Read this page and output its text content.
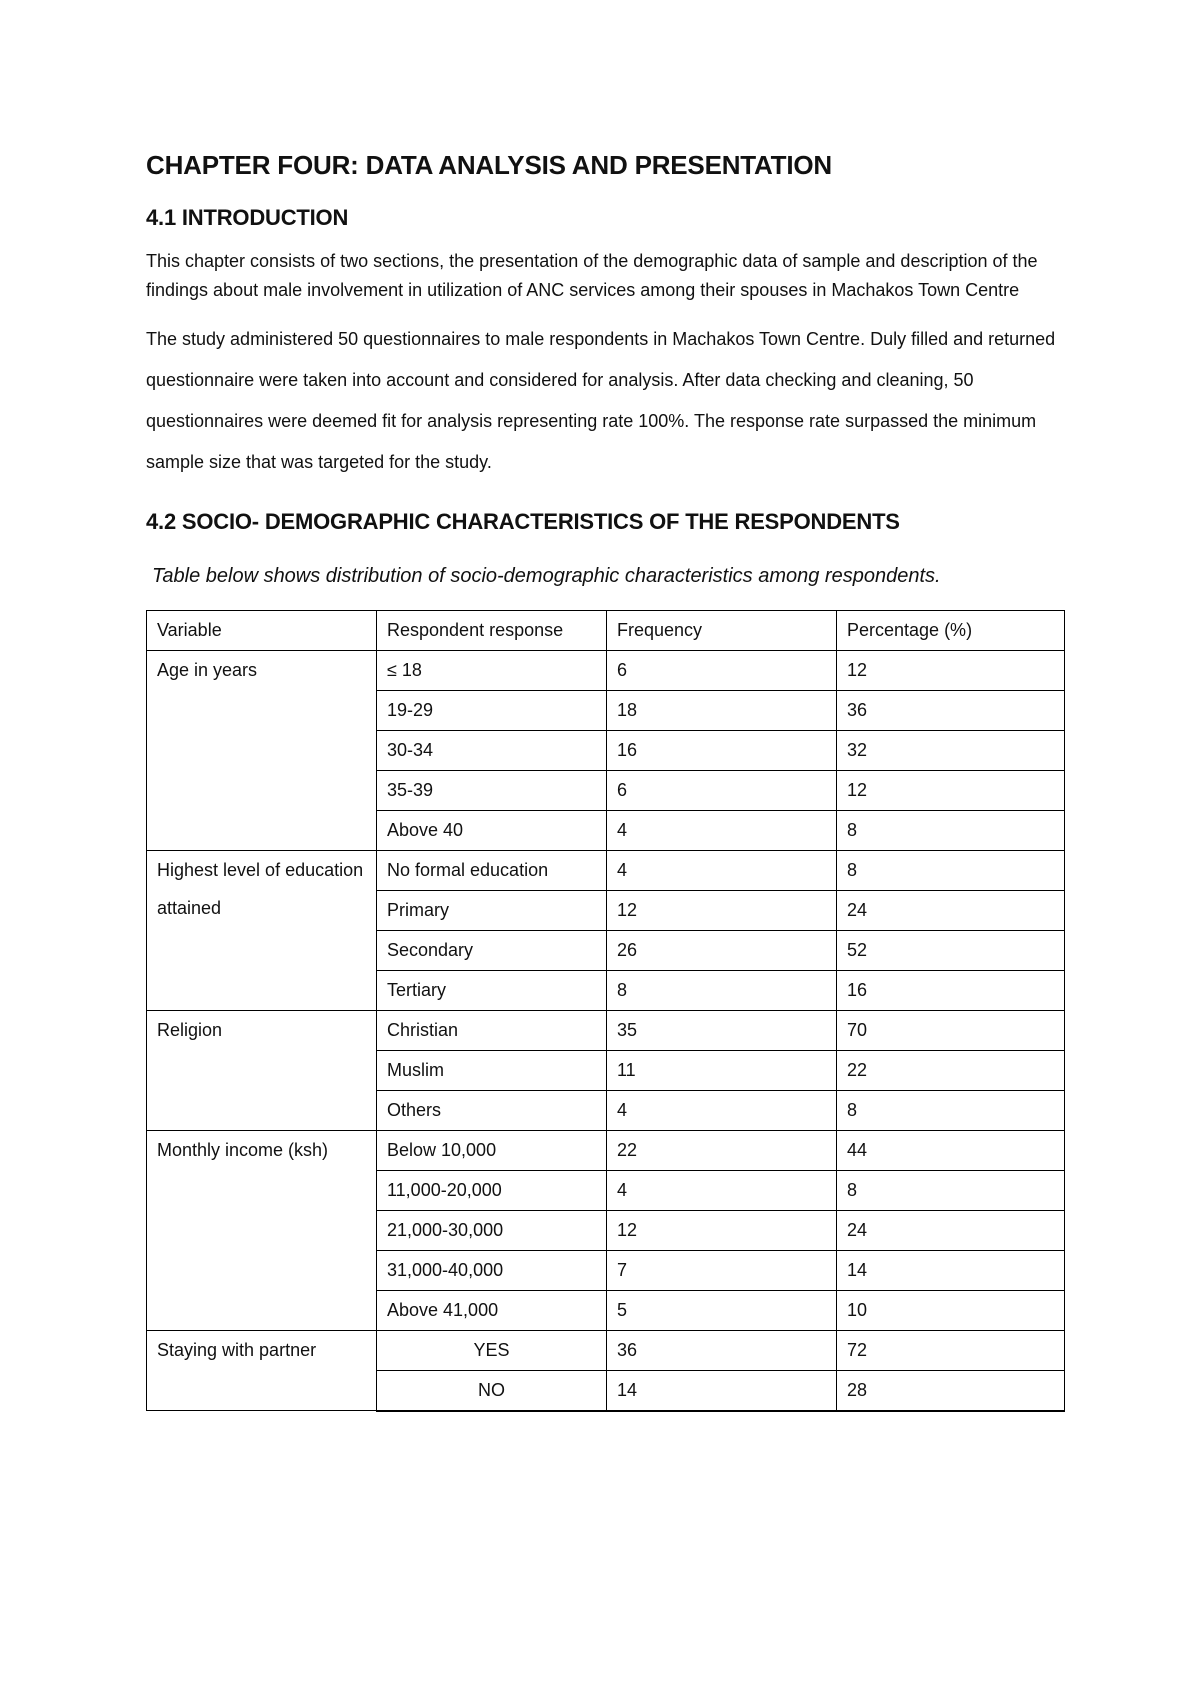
CHAPTER FOUR: DATA ANALYSIS AND PRESENTATION
4.1 INTRODUCTION

This chapter consists of two sections, the presentation of the demographic data of sample and description of the findings about male involvement in utilization of ANC services among their spouses in Machakos Town Centre

The study administered 50 questionnaires to male respondents in Machakos Town Centre. Duly filled and returned questionnaire were taken into account and considered for analysis. After data checking and cleaning, 50 questionnaires were deemed fit for analysis representing rate 100%. The response rate surpassed the minimum sample size that was targeted for the study.

4.2 SOCIO- DEMOGRAPHIC CHARACTERISTICS OF THE RESPONDENTS

Table below shows distribution of socio-demographic characteristics among respondents.

Variable	Respondent response	Frequency	Percentage (%)
Age in years	≤ 18	6	12
	19-29	18	36
	30-34	16	32
	35-39	6	12
	Above 40	4	8
Highest level of education attained	No formal education	4	8
	Primary	12	24
	Secondary	26	52
	Tertiary	8	16
Religion	Christian	35	70
	Muslim	11	22
	Others	4	8
Monthly income (ksh)	Below 10,000	22	44
	11,000-20,000	4	8
	21,000-30,000	12	24
	31,000-40,000	7	14
	Above 41,000	5	10
Staying with partner	YES	36	72
	NO	14	28
